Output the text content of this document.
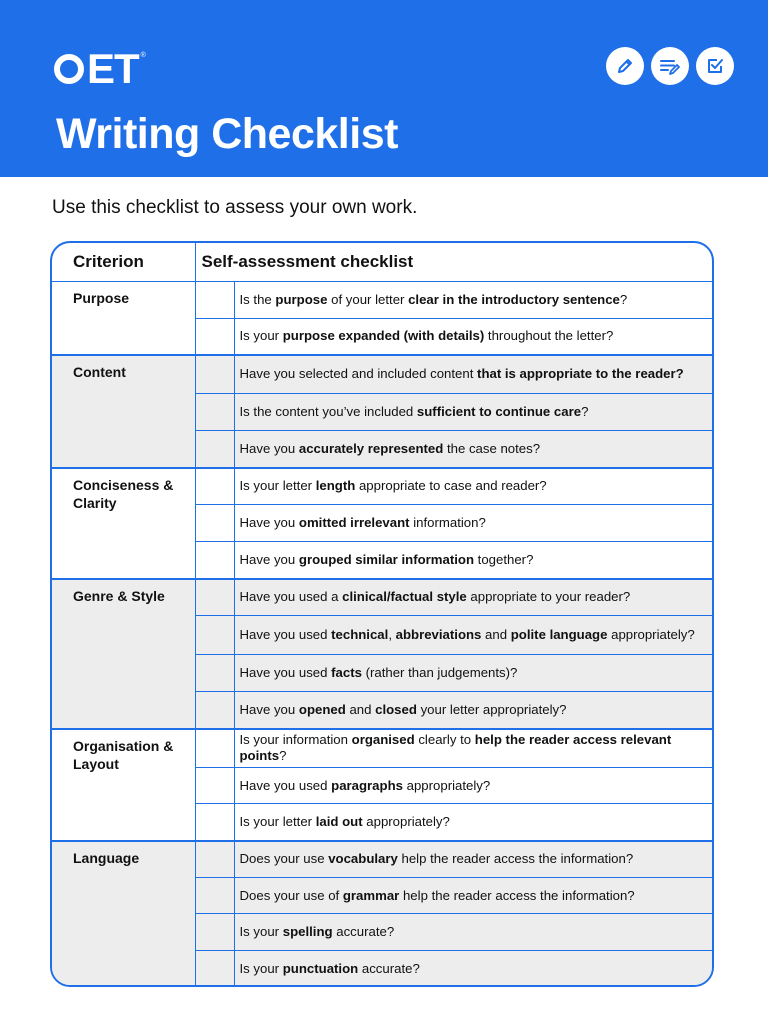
ET ®
Writing Checklist
Use this checklist to assess your own work.
Criterion	Self-assessment checklist	
Purpose		Is the purpose of your letter clear in the introductory sentence?
		Is your purpose expanded (with details) throughout the letter?
Content		Have you selected and included content that is appropriate to the reader?
		Is the content you’ve included sufficient to continue care?
		Have you accurately represented the case notes?
Conciseness & Clarity		Is your letter length appropriate to case and reader?
		Have you omitted irrelevant information?
		Have you grouped similar information together?
Genre & Style		Have you used a clinical/factual style appropriate to your reader?
		Have you used technical, abbreviations and polite language appropriately?
		Have you used facts (rather than judgements)?
		Have you opened and closed your letter appropriately?
Organisation & Layout		Is your information organised clearly to help the reader access relevant points?
		Have you used paragraphs appropriately?
		Is your letter laid out appropriately?
Language		Does your use vocabulary help the reader access the information?
		Does your use of grammar help the reader access the information?
		Is your spelling accurate?
		Is your punctuation accurate?
